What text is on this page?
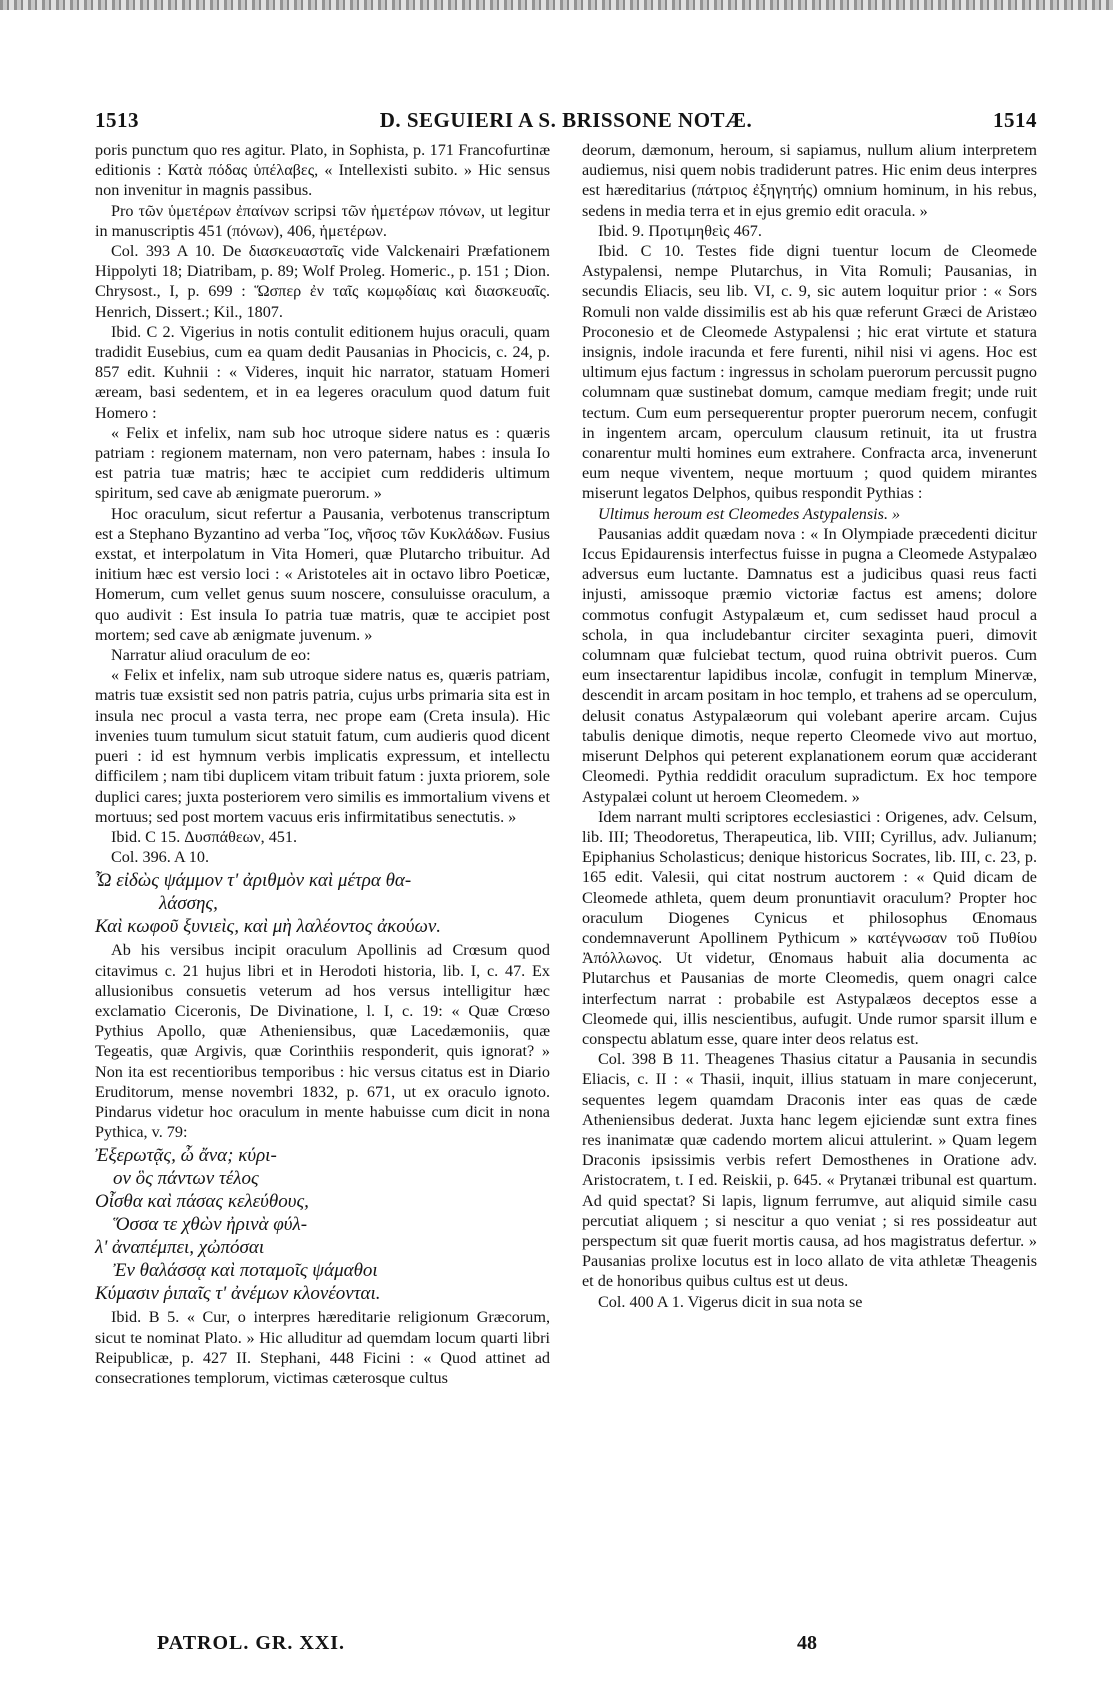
1513	D. SEGUIERI A S. BRISSONE NOTÆ.	1514

poris punctum quo res agitur. Plato, in Sophista, p. 171 Francofurtinæ editionis : Κατὰ πόδας ὑπέλαβες, « Intellexisti subito. » Hic sensus non invenitur in magnis passibus.

Pro τῶν ὑμετέρων ἐπαίνων scripsi τῶν ἡμετέρων πόνων, ut legitur in manuscriptis 451 (πόνων), 406, ἡμετέρων.

Col. 393 A 10. De διασκευασταῖς vide Valckenairi Præfationem Hippolyti 18; Diatribam, p. 89; Wolf Proleg. Homeric., p. 151 ; Dion. Chrysost., I, p. 699 : Ὥσπερ ἐν ταῖς κωμῳδίαις καὶ διασκευαῖς. Henrich, Dissert.; Kil., 1807.

Ibid. C 2. Vigerius in notis contulit editionem hujus oraculi, quam tradidit Eusebius, cum ea quam dedit Pausanias in Phocicis, c. 24, p. 857 edit. Kuhnii : « Videres, inquit hic narrator, statuam Homeri æream, basi sedentem, et in ea legeres oraculum quod datum fuit Homero :

« Felix et infelix, nam sub hoc utroque sidere natus es : quæris patriam : regionem maternam, non vero paternam, habes : insula Io est patria tuæ matris; hæc te accipiet cum reddideris ultimum spiritum, sed cave ab ænigmate puerorum. »

Hoc oraculum, sicut refertur a Pausania, verbotenus transcriptum est a Stephano Byzantino ad verba Ἴος, νῆσος τῶν Κυκλάδων. Fusius exstat, et interpolatum in Vita Homeri, quæ Plutarcho tribuitur. Ad initium hæc est versio loci : « Aristoteles ait in octavo libro Poeticæ, Homerum, cum vellet genus suum noscere, consuluisse oraculum, a quo audivit : Est insula Io patria tuæ matris, quæ te accipiet post mortem; sed cave ab ænigmate juvenum. »

Narratur aliud oraculum de eo:

« Felix et infelix, nam sub utroque sidere natus es, quæris patriam, matris tuæ exsistit sed non patris patria, cujus urbs primaria sita est in insula nec procul a vasta terra, nec prope eam (Creta insula). Hic invenies tuum tumulum sicut statuit fatum, cum audieris quod dicent pueri : id est hymnum verbis implicatis expressum, et intellectu difficilem ; nam tibi duplicem vitam tribuit fatum : juxta priorem, sole duplici cares; juxta posteriorem vero similis es immortalium vivens et mortuus; sed post mortem vacuus eris infirmitatibus senectutis. »

Ibid. C 15. Δυσπάθεων, 451.

Col. 396. A 10.

Ὦ εἰδὼς ψάμμον τ' ἀριθμὸν καὶ μέτρα θα-
λάσσης,
Καὶ κωφοῦ ξυνιεὶς, καὶ μὴ λαλέοντος ἀκούων.

Ab his versibus incipit oraculum Apollinis ad Crœsum quod citavimus c. 21 hujus libri et in Herodoti historia, lib. I, c. 47. Ex allusionibus consuetis veterum ad hos versus intelligitur hæc exclamatio Ciceronis, De Divinatione, l. I, c. 19: « Quæ Crœso Pythius Apollo, quæ Atheniensibus, quæ Lacedæmoniis, quæ Tegeatis, quæ Argivis, quæ Corinthiis responderit, quis ignorat? » Non ita est recentioribus temporibus : hic versus citatus est in Diario Eruditorum, mense novembri 1832, p. 671, ut ex oraculo ignoto. Pindarus videtur hoc oraculum in mente habuisse cum dicit in nona Pythica, v. 79:

Ἐξερωτᾷς, ὦ ἄνα; κύρι-
ον ὃς πάντων τέλος
Οἶσθα καὶ πάσας κελεύθους,
Ὅσσα τε χθὼν ἠρινὰ φύλ-
λ' ἀναπέμπει, χὠπόσαι
Ἐν θαλάσσᾳ καὶ ποταμοῖς ψάμαθοι
Κύμασιν ῥιπαῖς τ' ἀνέμων κλονέονται.

Ibid. B 5. « Cur, o interpres hæreditarie religionum Græcorum, sicut te nominat Plato. » Hic alluditur ad quemdam locum quarti libri Reipublicæ, p. 427 II. Stephani, 448 Ficini : « Quod attinet ad consecrationes templorum, victimas cæterosque cultus

deorum, dæmonum, heroum, si sapiamus, nullum alium interpretem audiemus, nisi quem nobis tradiderunt patres. Hic enim deus interpres est hæreditarius (πάτριος ἐξηγητής) omnium hominum, in his rebus, sedens in media terra et in ejus gremio edit oracula. »

Ibid. 9. Προτιμηθεὶς 467.

Ibid. C 10. Testes fide digni tuentur locum de Cleomede Astypalensi, nempe Plutarchus, in Vita Romuli; Pausanias, in secundis Eliacis, seu lib. VI, c. 9, sic autem loquitur prior : « Sors Romuli non valde dissimilis est ab his quæ referunt Græci de Aristæo Proconesio et de Cleomede Astypalensi ; hic erat virtute et statura insignis, indole iracunda et fere furenti, nihil nisi vi agens. Hoc est ultimum ejus factum : ingressus in scholam puerorum percussit pugno columnam quæ sustinebat domum, camque mediam fregit; unde ruit tectum. Cum eum persequerentur propter puerorum necem, confugit in ingentem arcam, operculum clausum retinuit, ita ut frustra conarentur multi homines eum extrahere. Confracta arca, invenerunt eum neque viventem, neque mortuum ; quod quidem mirantes miserunt legatos Delphos, quibus respondit Pythias :

Ultimus heroum est Cleomedes Astypalensis. »

Pausanias addit quædam nova : « In Olympiade præcedenti dicitur Iccus Epidaurensis interfectus fuisse in pugna a Cleomede Astypalæo adversus eum luctante. Damnatus est a judicibus quasi reus facti injusti, amissoque præmio victoriæ factus est amens; dolore commotus confugit Astypalæum et, cum sedisset haud procul a schola, in qua includebantur circiter sexaginta pueri, dimovit columnam quæ fulciebat tectum, quod ruina obtrivit pueros. Cum eum insectarentur lapidibus incolæ, confugit in templum Minervæ, descendit in arcam positam in hoc templo, et trahens ad se operculum, delusit conatus Astypalæorum qui volebant aperire arcam. Cujus tabulis denique dimotis, neque reperto Cleomede vivo aut mortuo, miserunt Delphos qui peterent explanationem eorum quæ acciderant Cleomedi. Pythia reddidit oraculum supradictum. Ex hoc tempore Astypalæi colunt ut heroem Cleomedem. »

Idem narrant multi scriptores ecclesiastici : Origenes, adv. Celsum, lib. III; Theodoretus, Therapeutica, lib. VIII; Cyrillus, adv. Julianum; Epiphanius Scholasticus; denique historicus Socrates, lib. III, c. 23, p. 165 edit. Valesii, qui citat nostrum auctorem : « Quid dicam de Cleomede athleta, quem deum pronuntiavit oraculum? Propter hoc oraculum Diogenes Cynicus et philosophus Œnomaus condemnaverunt Apollinem Pythicum » κατέγνωσαν τοῦ Πυθίου Ἀπόλλωνος. Ut videtur, Œnomaus habuit alia documenta ac Plutarchus et Pausanias de morte Cleomedis, quem onagri calce interfectum narrat : probabile est Astypalæos deceptos esse a Cleomede qui, illis nescientibus, aufugit. Unde rumor sparsit illum e conspectu ablatum esse, quare inter deos relatus est.

Col. 398 B 11. Theagenes Thasius citatur a Pausania in secundis Eliacis, c. II : « Thasii, inquit, illius statuam in mare conjecerunt, sequentes legem quamdam Draconis inter eas quas de cæde Atheniensibus dederat. Juxta hanc legem ejiciendæ sunt extra fines res inanimatæ quæ cadendo mortem alicui attulerint. » Quam legem Draconis ipsissimis verbis refert Demosthenes in Oratione adv. Aristocratem, t. I ed. Reiskii, p. 645. « Prytanæi tribunal est quartum. Ad quid spectat? Si lapis, lignum ferrumve, aut aliquid simile casu percutiat aliquem ; si nescitur a quo veniat ; si res possideatur aut perspectum sit quæ fuerit mortis causa, ad hos magistratus defertur. » Pausanias prolixe locutus est in loco allato de vita athletæ Theagenis et de honoribus quibus cultus est ut deus.

Col. 400 A 1. Vigerus dicit in sua nota se

PATROL. GR. XXI.	48
